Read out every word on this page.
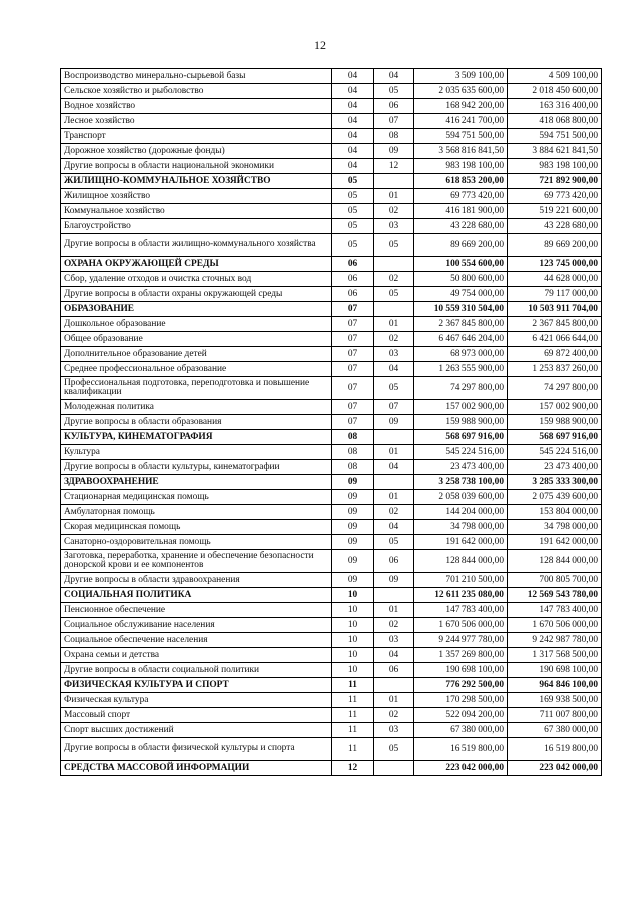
12
Воспроизводство минерально-сырьевой базы	04	04	3 509 100,00	4 509 100,00
Сельское хозяйство и рыболовство	04	05	2 035 635 600,00	2 018 450 600,00
Водное хозяйство	04	06	168 942 200,00	163 316 400,00
Лесное хозяйство	04	07	416 241 700,00	418 068 800,00
Транспорт	04	08	594 751 500,00	594 751 500,00
Дорожное хозяйство (дорожные фонды)	04	09	3 568 816 841,50	3 884 621 841,50
Другие вопросы в области национальной экономики	04	12	983 198 100,00	983 198 100,00
ЖИЛИЩНО-КОММУНАЛЬНОЕ ХОЗЯЙСТВО	05		618 853 200,00	721 892 900,00
Жилищное хозяйство	05	01	69 773 420,00	69 773 420,00
Коммунальное хозяйство	05	02	416 181 900,00	519 221 600,00
Благоустройство	05	03	43 228 680,00	43 228 680,00
Другие вопросы в области жилищно-коммунального хозяйства	05	05	89 669 200,00	89 669 200,00
ОХРАНА ОКРУЖАЮЩЕЙ СРЕДЫ	06		100 554 600,00	123 745 000,00
Сбор, удаление отходов и очистка сточных вод	06	02	50 800 600,00	44 628 000,00
Другие вопросы в области охраны окружающей среды	06	05	49 754 000,00	79 117 000,00
ОБРАЗОВАНИЕ	07		10 559 310 504,00	10 503 911 704,00
Дошкольное образование	07	01	2 367 845 800,00	2 367 845 800,00
Общее образование	07	02	6 467 646 204,00	6 421 066 644,00
Дополнительное образование детей	07	03	68 973 000,00	69 872 400,00
Среднее профессиональное образование	07	04	1 263 555 900,00	1 253 837 260,00
Профессиональная подготовка, переподготовка и повышение квалификации	07	05	74 297 800,00	74 297 800,00
Молодежная политика	07	07	157 002 900,00	157 002 900,00
Другие вопросы в области образования	07	09	159 988 900,00	159 988 900,00
КУЛЬТУРА, КИНЕМАТОГРАФИЯ	08		568 697 916,00	568 697 916,00
Культура	08	01	545 224 516,00	545 224 516,00
Другие вопросы в области культуры, кинематографии	08	04	23 473 400,00	23 473 400,00
ЗДРАВООХРАНЕНИЕ	09		3 258 738 100,00	3 285 333 300,00
Стационарная медицинская помощь	09	01	2 058 039 600,00	2 075 439 600,00
Амбулаторная помощь	09	02	144 204 000,00	153 804 000,00
Скорая медицинская помощь	09	04	34 798 000,00	34 798 000,00
Санаторно-оздоровительная помощь	09	05	191 642 000,00	191 642 000,00
Заготовка, переработка, хранение и обеспечение безопасности донорской крови и ее компонентов	09	06	128 844 000,00	128 844 000,00
Другие вопросы в области здравоохранения	09	09	701 210 500,00	700 805 700,00
СОЦИАЛЬНАЯ ПОЛИТИКА	10		12 611 235 080,00	12 569 543 780,00
Пенсионное обеспечение	10	01	147 783 400,00	147 783 400,00
Социальное обслуживание населения	10	02	1 670 506 000,00	1 670 506 000,00
Социальное обеспечение населения	10	03	9 244 977 780,00	9 242 987 780,00
Охрана семьи и детства	10	04	1 357 269 800,00	1 317 568 500,00
Другие вопросы в области социальной политики	10	06	190 698 100,00	190 698 100,00
ФИЗИЧЕСКАЯ КУЛЬТУРА И СПОРТ	11		776 292 500,00	964 846 100,00
Физическая культура	11	01	170 298 500,00	169 938 500,00
Массовый спорт	11	02	522 094 200,00	711 007 800,00
Спорт высших достижений	11	03	67 380 000,00	67 380 000,00
Другие вопросы в области физической культуры и спорта	11	05	16 519 800,00	16 519 800,00
СРЕДСТВА МАССОВОЙ ИНФОРМАЦИИ	12		223 042 000,00	223 042 000,00
